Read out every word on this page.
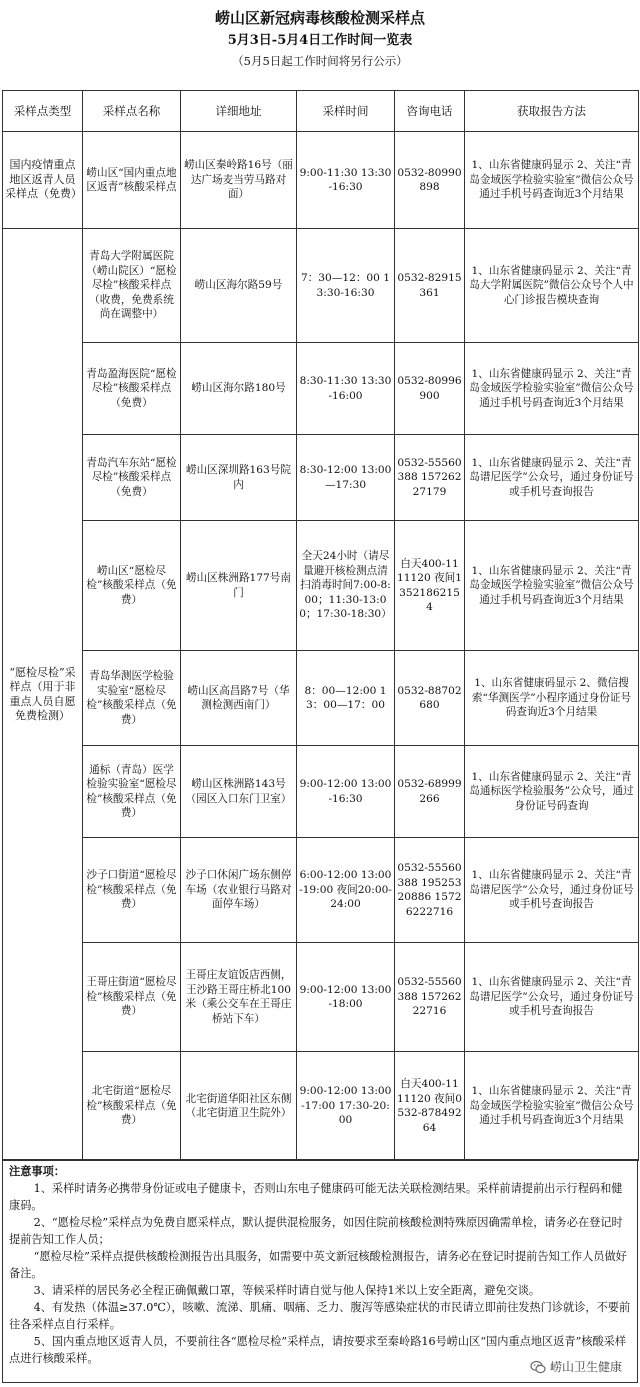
崂山区新冠病毒核酸检测采样点
5月3日-5月4日工作时间一览表
（5月5日起工作时间将另行公示）
采样点类型	采样点名称	详细地址	采样时间	咨询电话	获取报告方法
国内疫情重点地区返青人员采样点（免费）	崂山区“国内重点地区返青”核酸采样点	崂山区秦岭路16号（丽达广场麦当劳马路对面）	9:00-11:30 13:30-16:30	0532-80990898	1、山东省健康码显示 2、关注“青岛金域医学检验实验室”微信公众号通过手机号码查询近3个月结果
“愿检尽检”采样点（用于非重点人员自愿免费检测）	青岛大学附属医院（崂山院区）“愿检尽检”核酸采样点（收费，免费系统尚在调整中）	崂山区海尔路59号	7：30—12：00 13:30-16:30	0532-82915361	1、山东省健康码显示 2、关注“青岛大学附属医院”微信公众号个人中心门诊报告模块查询
	青岛盈海医院“愿检尽检”核酸采样点（免费）	崂山区海尔路180号	8:30-11:30 13:30-16:00	0532-80996900	1、山东省健康码显示 2、关注“青岛金域医学检验实验室”微信公众号通过手机号码查询近3个月结果
	青岛汽车东站“愿检尽检”核酸采样点（免费）	崂山区深圳路163号院内	8:30-12:00 13:00—17:30	0532-55560388 15726227179	1、山东省健康码显示 2、关注“青岛谱尼医学”公众号，通过身份证号或手机号查询报告
	崂山区“愿检尽检”核酸采样点（免费）	崂山区株洲路177号南门	全天24小时（请尽量避开核检测点清扫消毒时间7:00-8:00；11:30-13:00；17:30-18:30）	白天400-1111120 夜间13521862154	1、山东省健康码显示 2、关注“青岛金域医学检验实验室”微信公众号通过手机号码查询近3个月结果
	青岛华测医学检验实验室“愿检尽检”核酸采样点（免费）	崂山区高昌路7号（华测检测西南门）	8：00—12:00 13：00—17：00	0532-88702680	1、山东省健康码显示 2、微信搜索“华测医学”小程序通过身份证号码查询近3个月结果
	通标（青岛）医学检验实验室“愿检尽检”核酸采样点（免费）	崂山区株洲路143号（园区入口东门卫室）	9:00-12:00 13:00-16:30	0532-68999266	1、山东省健康码显示 2、关注“青岛通标医学检验服务”公众号，通过身份证号码查询
	沙子口街道“愿检尽检”核酸采样点（免费）	沙子口休闲广场东侧停车场（农业银行马路对面停车场）	6:00-12:00 13:00-19:00 夜间20:00-24:00	0532-55560388 19525320886 15726222716	1、山东省健康码显示 2、关注“青岛谱尼医学”公众号，通过身份证号或手机号查询报告
	王哥庄街道“愿检尽检”核酸采样点（免费）	王哥庄友谊饭店西侧，王沙路王哥庄桥北100米（乘公交车在王哥庄桥站下车）	9:00-12:00 13:00-18:00	0532-55560388 15726222716	1、山东省健康码显示 2、关注“青岛谱尼医学”公众号，通过身份证号或手机号查询报告
	北宅街道“愿检尽检”核酸采样点（免费）	北宅街道华阳社区东侧（北宅街道卫生院外）	9:00-12:00 13:00-17:00 17:30-20:00	白天400-1111120 夜间0532-87849264	1、山东省健康码显示 2、关注“青岛金域医学检验实验室”微信公众号通过手机号码查询近3个月结果
注意事项：

1、采样时请务必携带身份证或电子健康卡，否则山东电子健康码可能无法关联检测结果。采样前请提前出示行程码和健康码。

2、“愿检尽检”采样点为免费自愿采样点，默认提供混检服务，如因住院前核酸检测特殊原因确需单检，请务必在登记时提前告知工作人员；

“愿检尽检”采样点提供核酸检测报告出具服务，如需要中英文新冠核酸检测报告，请务必在登记时提前告知工作人员做好备注。

3、请采样的居民务必全程正确佩戴口罩，等候采样时请自觉与他人保持1米以上安全距离，避免交谈。

4、有发热（体温≥37.0℃），咳嗽、流涕、肌痛、咽痛、乏力、腹泻等感染症状的市民请立即前往发热门诊就诊，不要前往各采样点自行采样。

5、国内重点地区返青人员，不要前往各“愿检尽检”采样点，请按要求至秦岭路16号崂山区“国内重点地区返青”核酸采样点进行核酸采样。

崂山卫生健康
